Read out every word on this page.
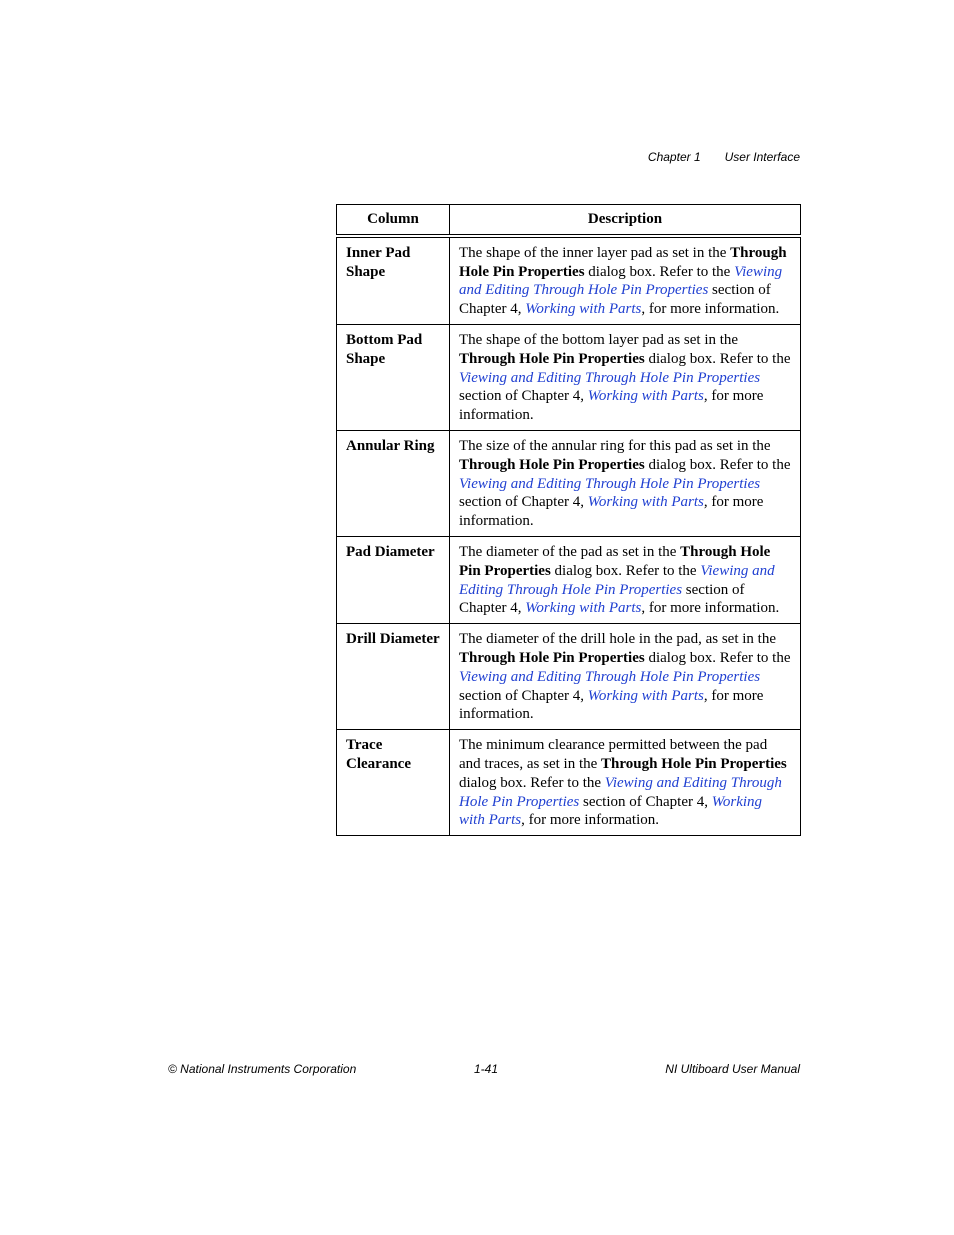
Chapter 1 User Interface
Column	Description
Inner Pad Shape	The shape of the inner layer pad as set in the Through Hole Pin Properties dialog box. Refer to the Viewing and Editing Through Hole Pin Properties section of Chapter 4, Working with Parts, for more information.
Bottom Pad Shape	The shape of the bottom layer pad as set in the Through Hole Pin Properties dialog box. Refer to the Viewing and Editing Through Hole Pin Properties section of Chapter 4, Working with Parts, for more information.
Annular Ring	The size of the annular ring for this pad as set in the Through Hole Pin Properties dialog box. Refer to the Viewing and Editing Through Hole Pin Properties section of Chapter 4, Working with Parts, for more information.
Pad Diameter	The diameter of the pad as set in the Through Hole Pin Properties dialog box. Refer to the Viewing and Editing Through Hole Pin Properties section of Chapter 4, Working with Parts, for more information.
Drill Diameter	The diameter of the drill hole in the pad, as set in the Through Hole Pin Properties dialog box. Refer to the Viewing and Editing Through Hole Pin Properties section of Chapter 4, Working with Parts, for more information.
Trace Clearance	The minimum clearance permitted between the pad and traces, as set in the Through Hole Pin Properties dialog box. Refer to the Viewing and Editing Through Hole Pin Properties section of Chapter 4, Working with Parts, for more information.
© National Instruments Corporation	1-41	NI Ultiboard User Manual
